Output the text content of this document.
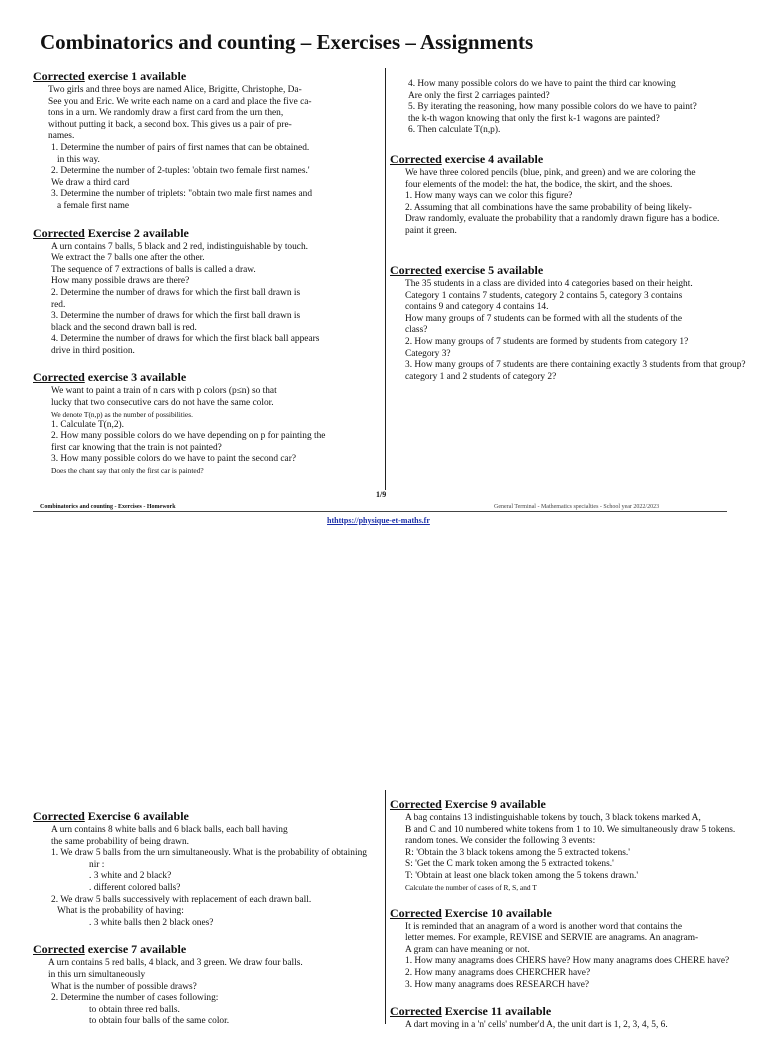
Combinatorics and counting – Exercises – Assignments
Corrected exercise 1 available
Two girls and three boys are named Alice, Brigitte, Christophe, Da-
See you and Eric. We write each name on a card and place the five ca-
tons in a urn. We randomly draw a first card from the urn then,
without putting it back, a second box. This gives us a pair of pre-
names.
1. Determine the number of pairs of first names that can be obtained.
in this way.
2. Determine the number of 2-tuples: 'obtain two female first names.'
We draw a third card
3. Determine the number of triplets: "obtain two male first names and
a female first name
Corrected Exercise 2 available
A urn contains 7 balls, 5 black and 2 red, indistinguishable by touch.
We extract the 7 balls one after the other.
The sequence of 7 extractions of balls is called a draw.
How many possible draws are there?
2. Determine the number of draws for which the first ball drawn is
red.
3. Determine the number of draws for which the first ball drawn is
black and the second drawn ball is red.
4. Determine the number of draws for which the first black ball appears
drive in third position.
Corrected exercise 3 available
We want to paint a train of n cars with p colors (p≤n) so that
lucky that two consecutive cars do not have the same color.
We denote T(n,p) as the number of possibilities.
1. Calculate T(n,2).
2. How many possible colors do we have depending on p for painting the
first car knowing that the train is not painted?
3. How many possible colors do we have to paint the second car?
Does the chant say that only the first car is painted?
4. How many possible colors do we have to paint the third car knowing
Are only the first 2 carriages painted?
5. By iterating the reasoning, how many possible colors do we have to paint?
the k-th wagon knowing that only the first k-1 wagons are painted?
6. Then calculate T(n,p).
Corrected exercise 4 available
We have three colored pencils (blue, pink, and green) and we are coloring the
four elements of the model: the hat, the bodice, the skirt, and the shoes.
1. How many ways can we color this figure?
2. Assuming that all combinations have the same probability of being likely-
Draw randomly, evaluate the probability that a randomly drawn figure has a bodice.
paint it green.
Corrected exercise 5 available
The 35 students in a class are divided into 4 categories based on their height.
Category 1 contains 7 students, category 2 contains 5, category 3 contains
contains 9 and category 4 contains 14.
How many groups of 7 students can be formed with all the students of the
class?
2. How many groups of 7 students are formed by students from category 1?
Category 3?
3. How many groups of 7 students are there containing exactly 3 students from that group?
category 1 and 2 students of category 2?
1/9
Combinatorics and counting - Exercises - Homework	General Terminal - Mathematics specialties - School year 2022/2023
hthttps://physique-et-maths.fr
Corrected Exercise 6 available
A urn contains 8 white balls and 6 black balls, each ball having
the same probability of being drawn.
1. We draw 5 balls from the urn simultaneously. What is the probability of obtaining
nir :
. 3 white and 2 black?
. different colored balls?
2. We draw 5 balls successively with replacement of each drawn ball.
What is the probability of having:
. 3 white balls then 2 black ones?
Corrected exercise 7 available
A urn contains 5 red balls, 4 black, and 3 green. We draw four balls.
in this urn simultaneously
What is the number of possible draws?
2. Determine the number of cases following:
to obtain three red balls.
to obtain four balls of the same color.
Corrected Exercise 9 available
A bag contains 13 indistinguishable tokens by touch, 3 black tokens marked A,
B and C and 10 numbered white tokens from 1 to 10. We simultaneously draw 5 tokens.
random tones. We consider the following 3 events:
R: 'Obtain the 3 black tokens among the 5 extracted tokens.'
S: 'Get the C mark token among the 5 extracted tokens.'
T: 'Obtain at least one black token among the 5 tokens drawn.'
Calculate the number of cases of R, S, and T
Corrected Exercise 10 available
It is reminded that an anagram of a word is another word that contains the
letter memes. For example, REVISE and SERVIE are anagrams. An anagram-
A gram can have meaning or not.
1. How many anagrams does CHERS have? How many anagrams does CHERE have?
2. How many anagrams does CHERCHER have?
3. How many anagrams does RESEARCH have?
Corrected Exercise 11 available
A dart moving in a 'n' cells' number'd A, the unit dart is 1, 2, 3, 4, 5, 6.
